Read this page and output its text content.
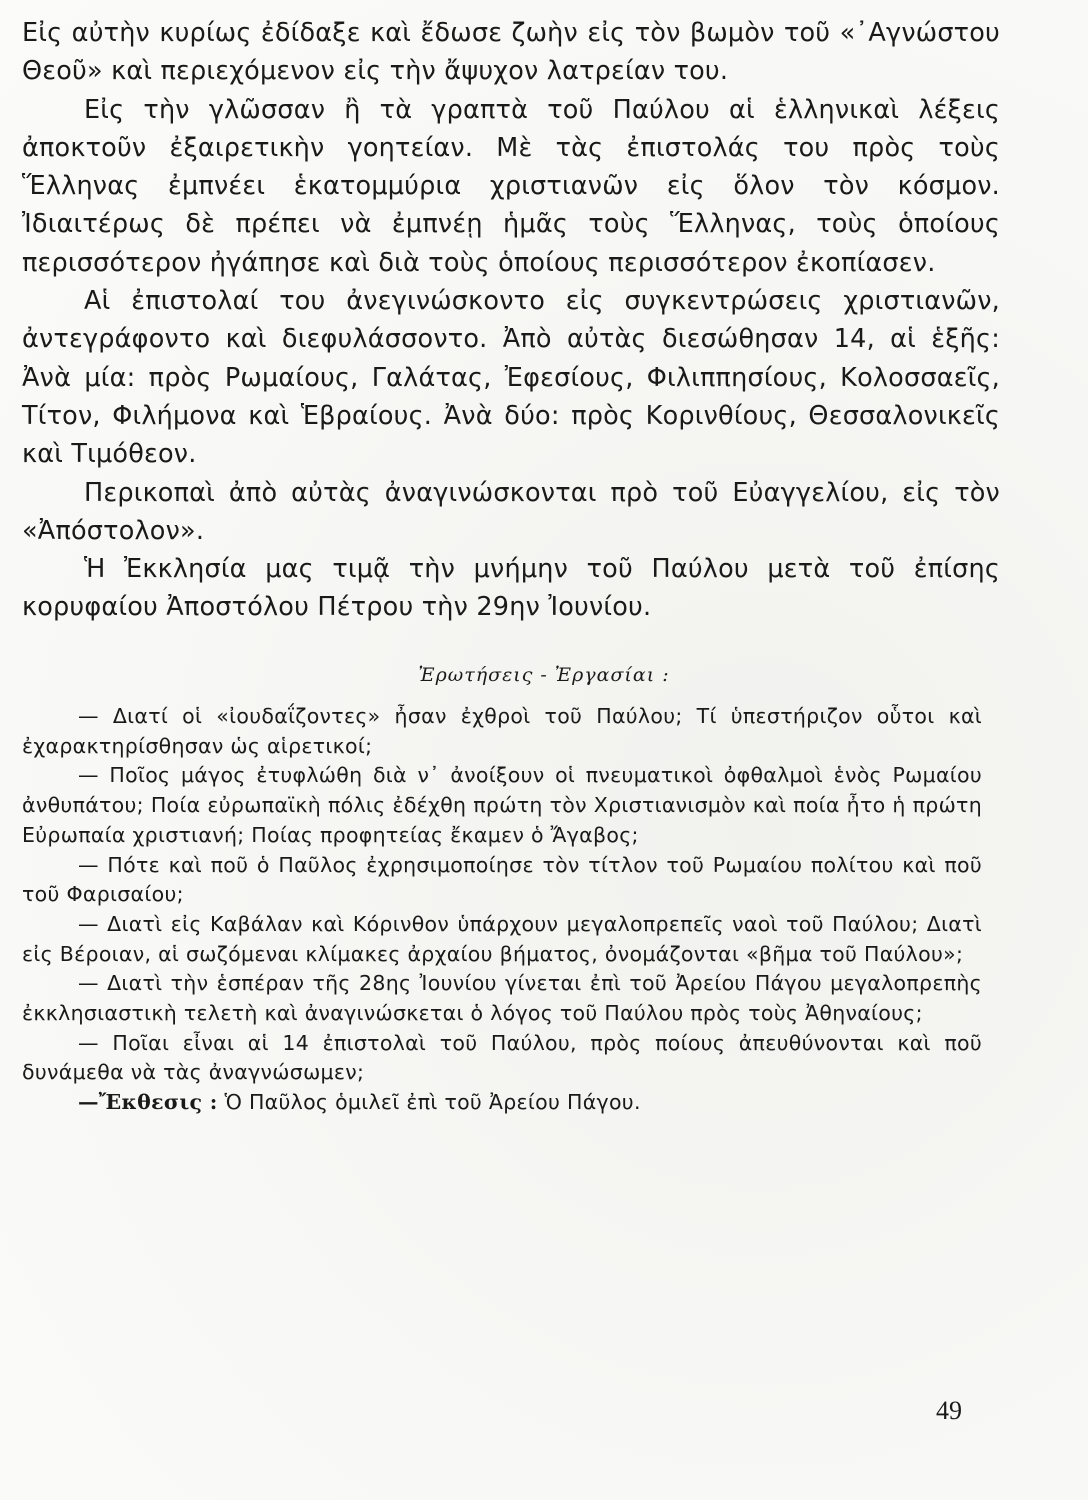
Εἰς αὐτὴν κυρίως ἐδίδαξε καὶ ἔδωσε ζωὴν εἰς τὸν βωμὸν τοῦ «᾿Αγνώστου Θεοῦ» καὶ περιεχόμενον εἰς τὴν ἄψυχον λατρείαν του.

Εἰς τὴν γλῶσσαν ἢ τὰ γραπτὰ τοῦ Παύλου αἱ ἑλληνικαὶ λέξεις ἀποκτοῦν ἐξαιρετικὴν γοητείαν. Μὲ τὰς ἐπιστολάς του πρὸς τοὺς Ἕλληνας ἐμπνέει ἑκατομμύρια χριστιανῶν εἰς ὅλον τὸν κόσμον. Ἰδιαιτέρως δὲ πρέπει νὰ ἐμπνέῃ ἡμᾶς τοὺς Ἕλληνας, τοὺς ὁποίους περισσότερον ἠγάπησε καὶ διὰ τοὺς ὁποίους περισσότερον ἐκοπίασεν.

Αἱ ἐπιστολαί του ἀνεγινώσκοντο εἰς συγκεντρώσεις χριστιανῶν, ἀντεγράφοντο καὶ διεφυλάσσοντο. Ἀπὸ αὐτὰς διεσώθησαν 14, αἱ ἑξῆς: Ἀνὰ μία: πρὸς Ρωμαίους, Γαλάτας, Ἐφεσίους, Φιλιππησίους, Κολοσσαεῖς, Τίτον, Φιλήμονα καὶ Ἑβραίους. Ἀνὰ δύο: πρὸς Κορινθίους, Θεσσαλονικεῖς καὶ Τιμόθεον.

Περικοπαὶ ἀπὸ αὐτὰς ἀναγινώσκονται πρὸ τοῦ Εὐαγγελίου, εἰς τὸν «Ἀπόστολον».

Ἡ Ἐκκλησία μας τιμᾷ τὴν μνήμην τοῦ Παύλου μετὰ τοῦ ἐπίσης κορυφαίου Ἀποστόλου Πέτρου τὴν 29ην Ἰουνίου.

Ἐρωτήσεις - Ἐργασίαι :

— Διατί οἱ «ἰουδαΐζοντες» ἦσαν ἐχθροὶ τοῦ Παύλου; Τί ὑπεστήριζον οὗτοι καὶ ἐχαρακτηρίσθησαν ὡς αἱρετικοί;

— Ποῖος μάγος ἐτυφλώθη διὰ ν᾿ ἀνοίξουν οἱ πνευματικοὶ ὀφθαλμοὶ ἑνὸς Ρωμαίου ἀνθυπάτου; Ποία εὐρωπαϊκὴ πόλις ἐδέχθη πρώτη τὸν Χριστιανισμὸν καὶ ποία ἦτο ἡ πρώτη Εὐρωπαία χριστιανή; Ποίας προφητείας ἔκαμεν ὁ Ἄγαβος;

— Πότε καὶ ποῦ ὁ Παῦλος ἐχρησιμοποίησε τὸν τίτλον τοῦ Ρωμαίου πολίτου καὶ ποῦ τοῦ Φαρισαίου;

— Διατὶ εἰς Καβάλαν καὶ Κόρινθον ὑπάρχουν μεγαλοπρεπεῖς ναοὶ τοῦ Παύλου; Διατὶ εἰς Βέροιαν, αἱ σωζόμεναι κλίμακες ἀρχαίου βήματος, ὀνομάζονται «βῆμα τοῦ Παύλου»;

— Διατὶ τὴν ἑσπέραν τῆς 28ης Ἰουνίου γίνεται ἐπὶ τοῦ Ἀρείου Πάγου μεγαλοπρεπὴς ἐκκλησιαστικὴ τελετὴ καὶ ἀναγινώσκεται ὁ λόγος τοῦ Παύλου πρὸς τοὺς Ἀθηναίους;

— Ποῖαι εἶναι αἱ 14 ἐπιστολαὶ τοῦ Παύλου, πρὸς ποίους ἀπευθύνονται καὶ ποῦ δυνάμεθα νὰ τὰς ἀναγνώσωμεν;

—Ἔκθεσις : Ὁ Παῦλος ὁμιλεῖ ἐπὶ τοῦ Ἀρείου Πάγου.

49
